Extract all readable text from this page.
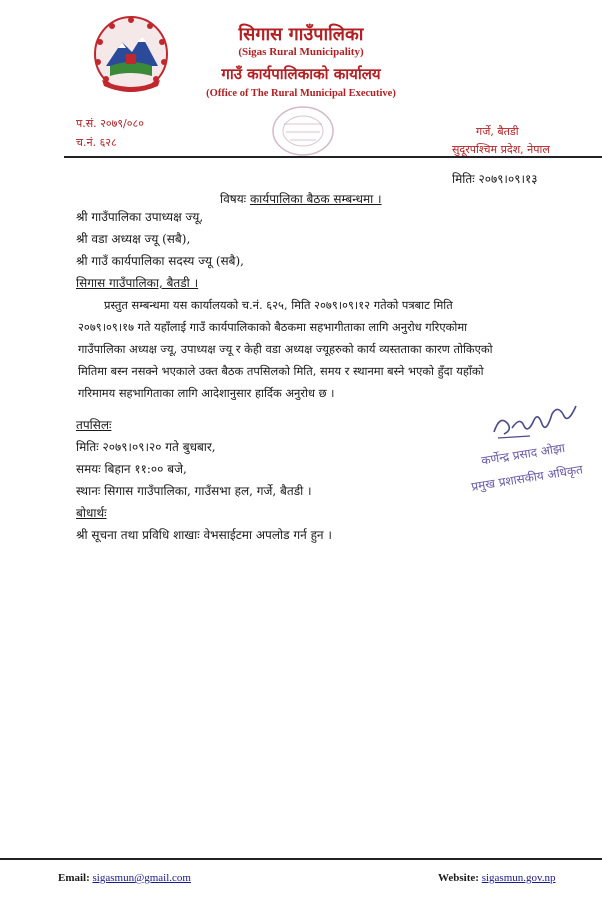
सिगास गाउँपालिका
(Sigas Rural Municipality)
गाउँ कार्यपालिकाको कार्यालय
(Office of The Rural Municipal Executive)
प.सं. २०७९/०८०
च.नं. ६२८
गर्जे, बैतडी
सुदूरपश्चिम प्रदेश, नेपाल
मितिः २०७९।०९।१३
विषयः कार्यपालिका बैठक सम्बन्धमा ।
श्री गाउँपालिका उपाध्यक्ष ज्यू,
श्री वडा अध्यक्ष ज्यू (सबै),
श्री गाउँ कार्यपालिका सदस्य ज्यू (सबै),
सिगास गाउँपालिका, बैतडी ।
प्रस्तुत सम्बन्धमा यस कार्यालयको च.नं. ६२५, मिति २०७९।०९।१२ गतेको पत्रबाट मिति
२०७९।०९।१७ गते यहाँलाई गाउँ कार्यपालिकाको बैठकमा सहभागीताका लागि अनुरोध गरिएकोमा
गाउँपालिका अध्यक्ष ज्यू, उपाध्यक्ष ज्यू र केही वडा अध्यक्ष ज्यूहरुको कार्य व्यस्तताका कारण तोकिएको
मितिमा बस्न नसक्ने भएकाले उक्त बैठक तपसिलको मिति, समय र स्थानमा बस्ने भएको हुँदा यहाँको
गरिमामय सहभागिताका लागि आदेशानुसार हार्दिक अनुरोध छ ।
तपसिलः
मितिः २०७९।०९।२० गते बुधबार,
समयः बिहान ११:०० बजे,
स्थानः सिगास गाउँपालिका, गाउँसभा हल, गर्जे, बैतडी ।
बोधार्थः
श्री सूचना तथा प्रविधि शाखाः वेभसाईटमा अपलोड गर्न हुन ।
कर्णेन्द्र प्रसाद ओझा
प्रमुख प्रशासकीय अधिकृत
Email: sigasmun@gmail.com	Website: sigasmun.gov.np
